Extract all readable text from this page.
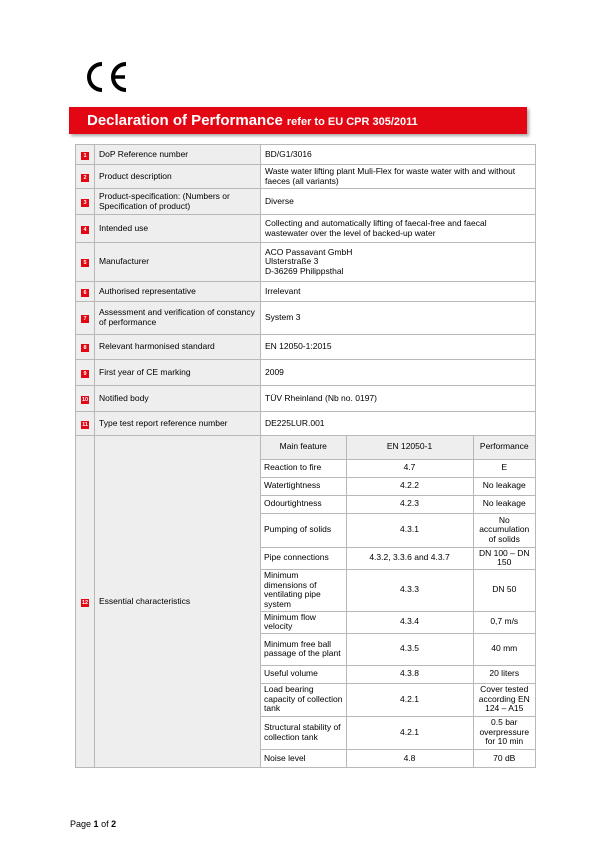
Declaration of Performance refer to EU CPR 305/2011
1	DoP Reference number	BD/G1/3016
2	Product description	Waste water lifting plant Muli-Flex for waste water with and without faeces (all variants)
3	Product-specification: (Numbers or Specification of product)	Diverse
4	Intended use	Collecting and automatically lifting of faecal-free and faecal wastewater over the level of backed-up water
5	Manufacturer	
ACO Passavant GmbH
Ulsterstraße 3
D-36269 Philippsthal

6	Authorised representative	Irrelevant
7	Assessment and verification of constancy of performance	System 3
8	Relevant harmonised standard	EN 12050-1:2015
9	First year of CE marking	2009
10	Notified body	TÜV Rheinland (Nb no. 0197)
11	Type test report reference number	DE225LUR.001
12	Essential characteristics	
Main feature	EN 12050-1	Performance
Reaction to fire	4.7	E
Watertightness	4.2.2	No leakage
Odourtightness	4.2.3	No leakage
Pumping of solids	4.3.1	No accumulation of solids
Pipe connections	4.3.2, 3.3.6 and 4.3.7	DN 100 – DN 150
Minimum dimensions of ventilating pipe system	4.3.3	DN 50
Minimum flow velocity	4.3.4	0,7 m/s
Minimum free ball passage of the plant	4.3.5	40 mm
Useful volume	4.3.8	20 liters
Load bearing capacity of collection tank	4.2.1	Cover tested according EN 124 – A15
Structural stability of collection tank	4.2.1	0.5 bar overpressure for 10 min
Noise level	4.8	70 dB
Page 1 of 2
